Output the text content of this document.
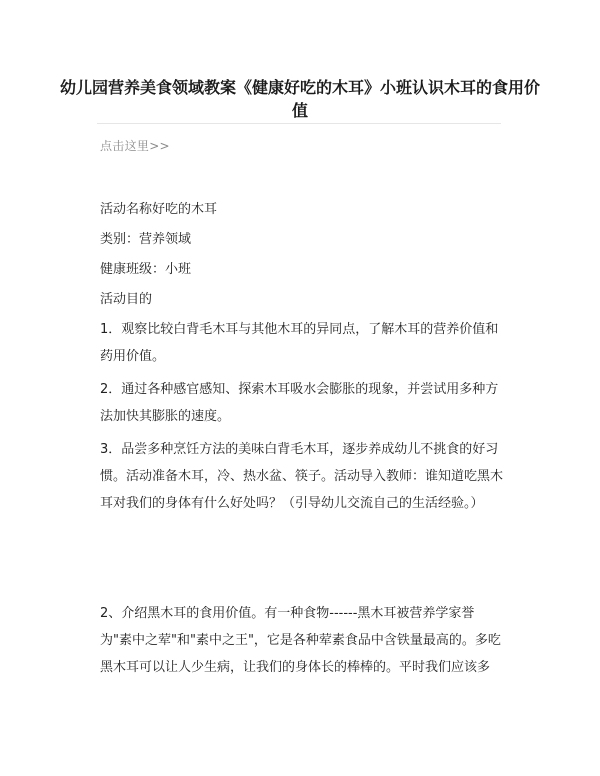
幼儿园营养美食领域教案《健康好吃的木耳》小班认识木耳的食用价值
点击这里>>

活动名称好吃的木耳

类别：营养领域

健康班级：小班

活动目的

1．观察比较白背毛木耳与其他木耳的异同点，了解木耳的营养价值和药用价值。

2．通过各种感官感知、探索木耳吸水会膨胀的现象，并尝试用多种方法加快其膨胀的速度。

3．品尝多种烹饪方法的美味白背毛木耳，逐步养成幼儿不挑食的好习惯。活动准备木耳，冷、热水盆、筷子。活动导入教师：谁知道吃黑木耳对我们的身体有什么好处吗？（引导幼儿交流自己的生活经验。）

2、介绍黑木耳的食用价值。有一种食物------黑木耳被营养学家誉为"素中之荤"和"素中之王"，它是各种荤素食品中含铁量最高的。多吃黑木耳可以让人少生病，让我们的身体长的棒棒的。平时我们应该多
